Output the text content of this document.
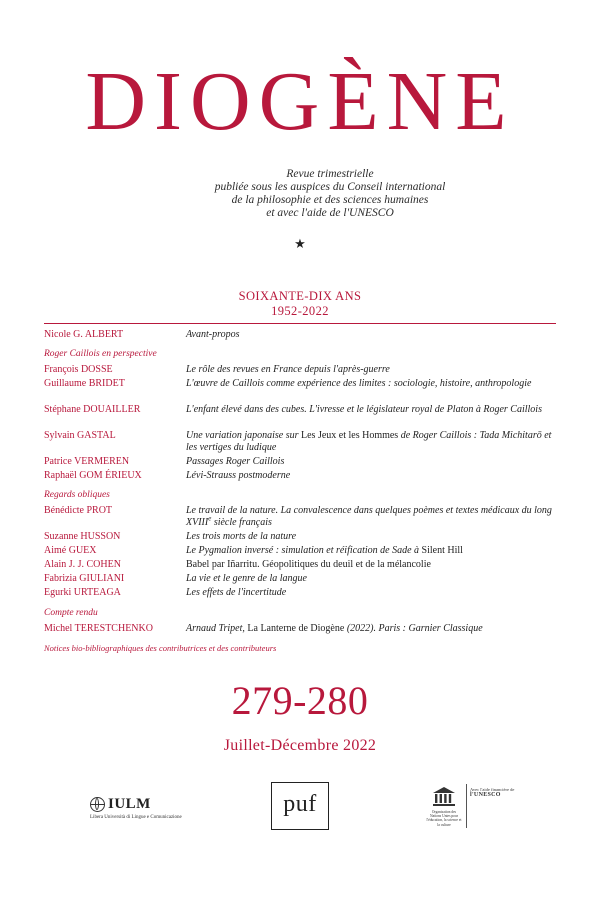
DIOGÈNE
Revue trimestrielle
publiée sous les auspices du Conseil international
de la philosophie et des sciences humaines
et avec l'aide de l'UNESCO
★
SOIXANTE-DIX ANS
1952-2022
Nicole G. ALBERT	Avant-propos
Roger Caillois en perspective
François DOSSE	Le rôle des revues en France depuis l'après-guerre
Guillaume BRIDET	L'œuvre de Caillois comme expérience des limites : sociologie, histoire, anthropologie
Stéphane DOUAILLER	L'enfant élevé dans des cubes. L'ivresse et le législateur royal de Platon à Roger Caillois
Sylvain GASTAL	Une variation japonaise sur Les Jeux et les Hommes de Roger Caillois : Tada Michitarō et les vertiges du ludique
Patrice VERMEREN	Passages Roger Caillois
Raphaël GOM ÉRIEUX	Lévi-Strauss postmoderne
Regards obliques
Bénédicte PROT	Le travail de la nature. La convalescence dans quelques poèmes et textes médicaux du long XVIIIe siècle français
Suzanne HUSSON	Les trois morts de la nature
Aimé GUEX	Le Pygmalion inversé : simulation et réification de Sade à Silent Hill
Alain J. J. COHEN	Babel par Iñarritu. Géopolitiques du deuil et de la mélancolie
Fabrizia GIULIANI	La vie et le genre de la langue
Egurki URTEAGA	Les effets de l'incertitude
Compte rendu
Michel TERESTCHENKO	Arnaud Tripet, La Lanterne de Diogène (2022). Paris : Garnier Classique
Notices bio-bibliographiques des contributrices et des contributeurs
279-280
Juillet-Décembre 2022
IULM
Libera Università di Lingue e Comunicazione
puf	Organisation des Nations Unies pour l'éducation, la science et la culture
Avec l'aide financière de
l'UNESCO
